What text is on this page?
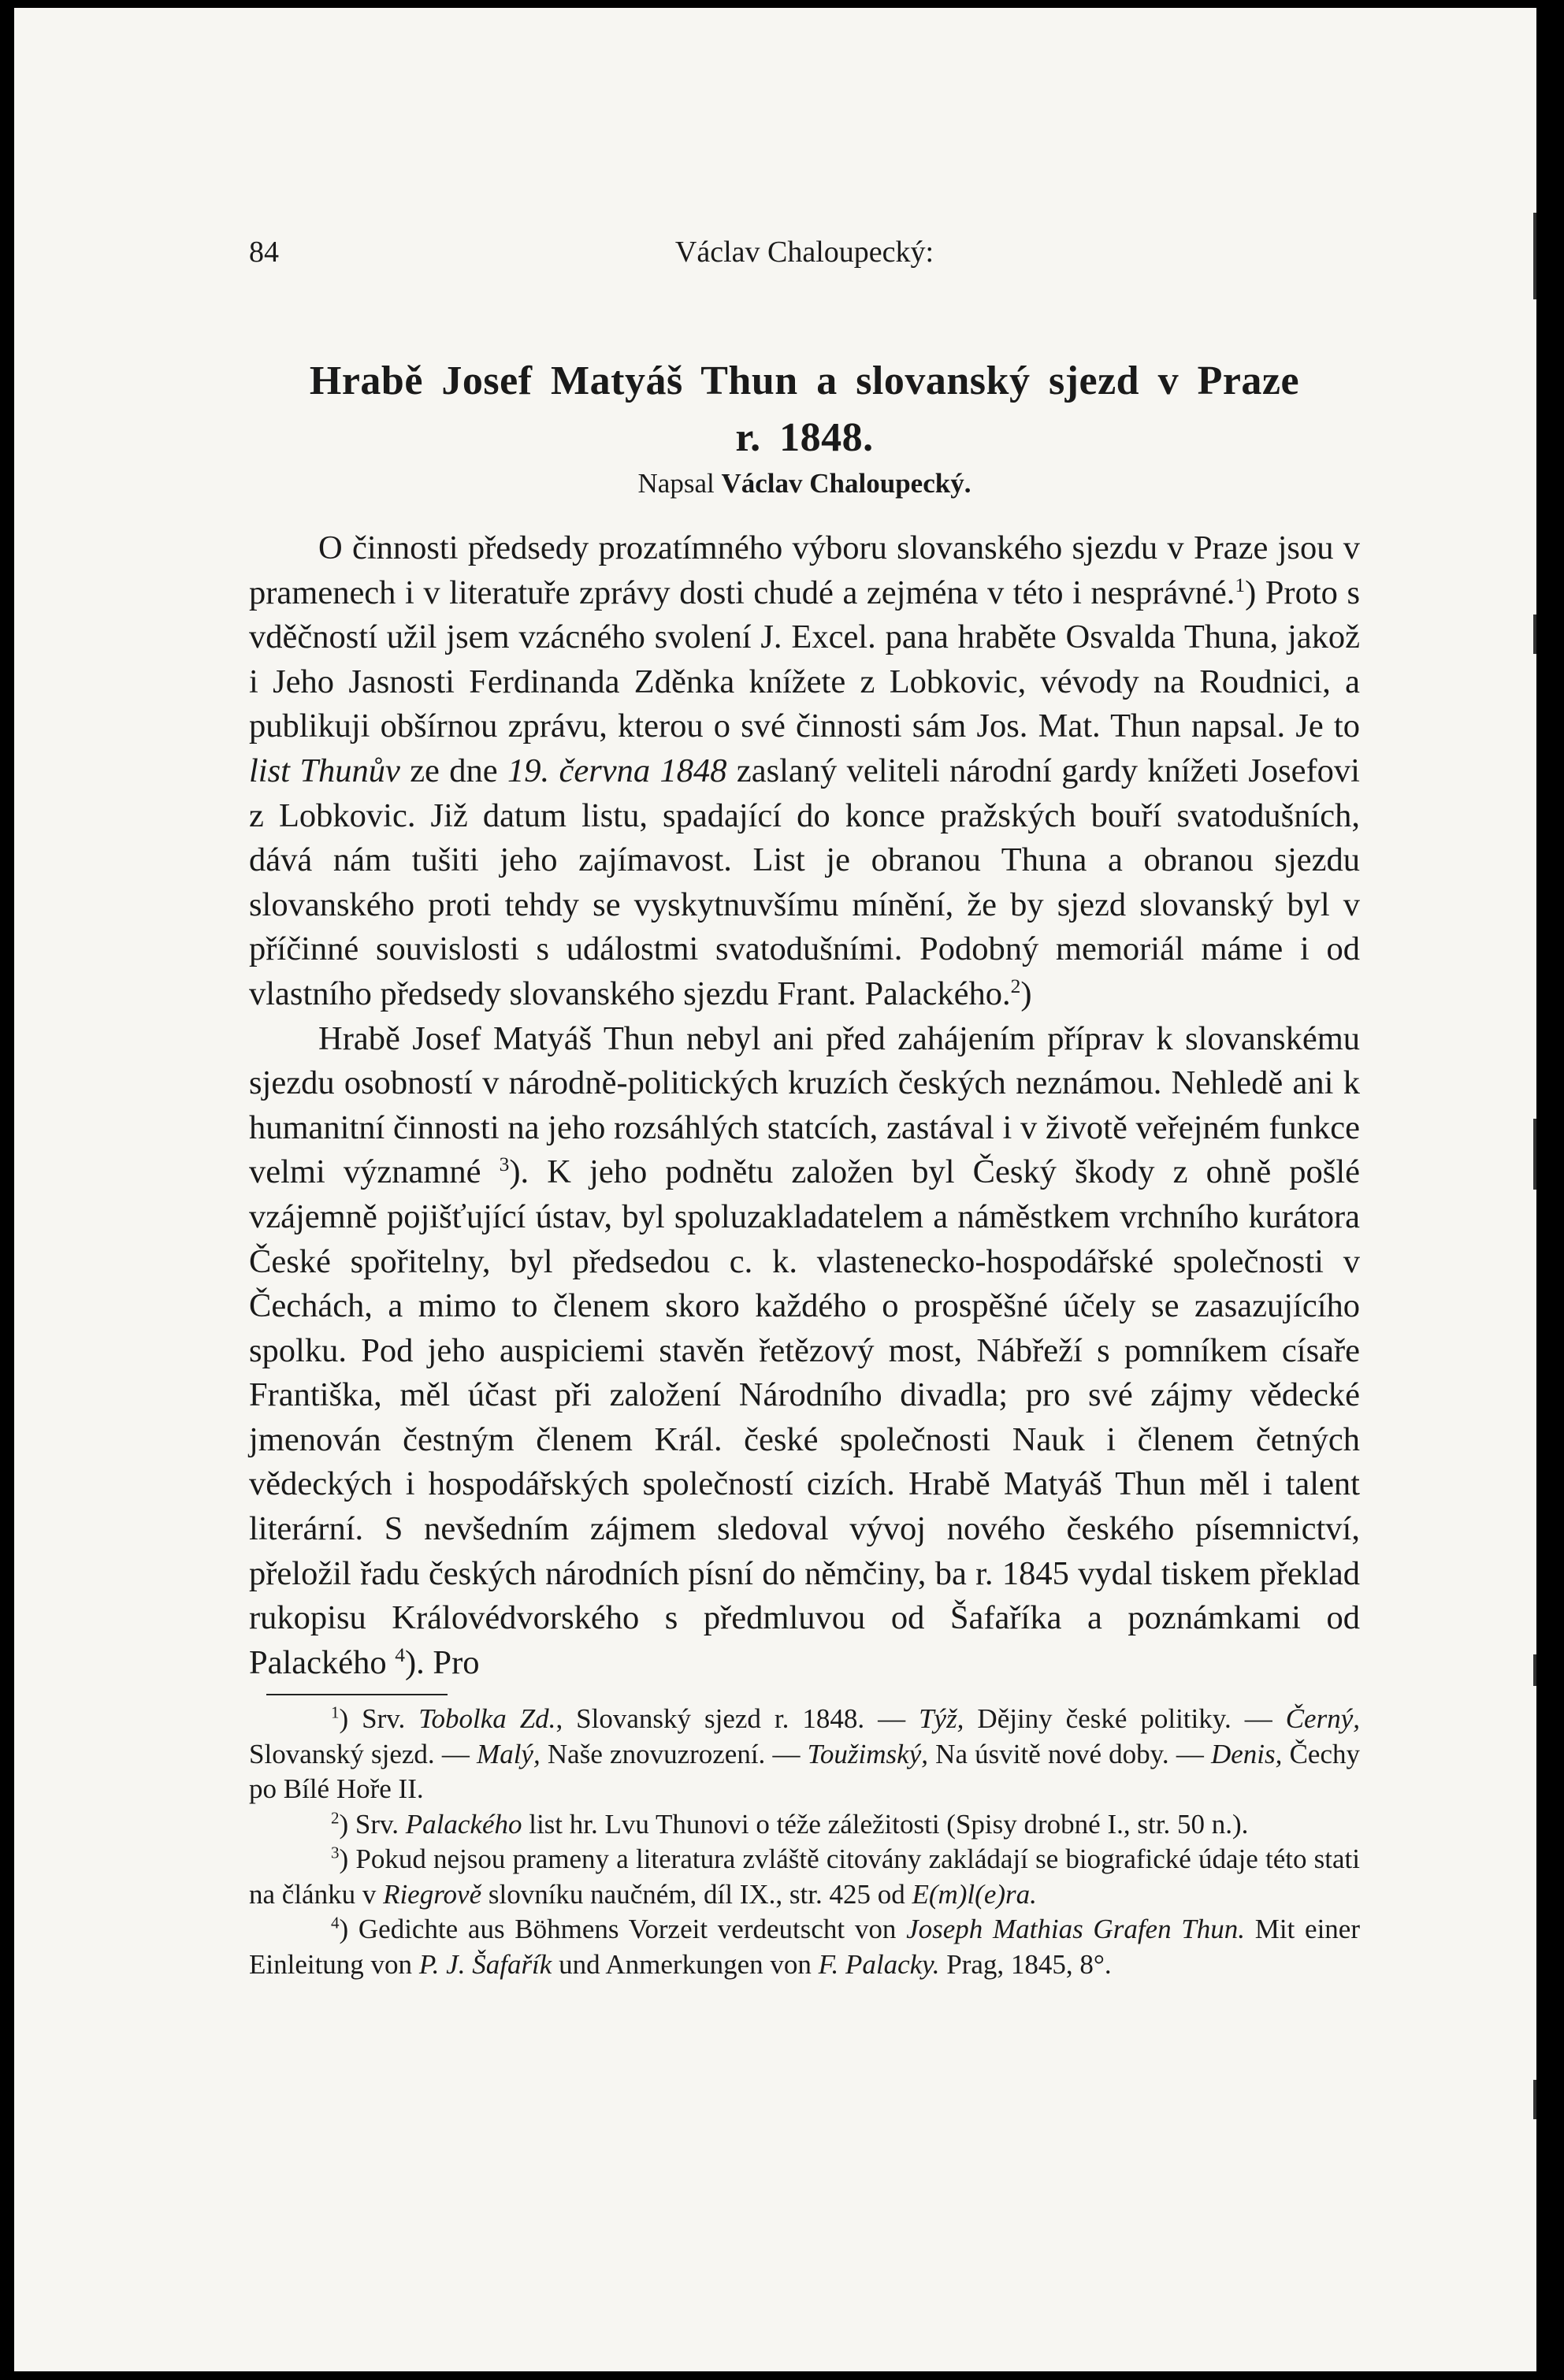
84	Václav Chaloupecký:
Hrabě Josef Matyáš Thun a slovanský sjezd v Praze
r. 1848.
Napsal Václav Chaloupecký.

O činnosti předsedy prozatímného výboru slovanského sjezdu v Praze jsou v pramenech i v literatuře zprávy dosti chudé a zejména v této i nesprávné.$^1$) Proto s vděčností užil jsem vzácného svolení J. Excel. pana hraběte Osvalda Thuna, jakož i Jeho Jasnosti Ferdinanda Zděnka knížete z Lobkovic, vévody na Roudnici, a publikuji obšírnou zprávu, kterou o své činnosti sám Jos. Mat. Thun napsal. Je to list Thunův ze dne 19. června 1848 zaslaný veliteli národní gardy knížeti Josefovi z Lobkovic. Již datum listu, spadající do konce pražských bouří svatodušních, dává nám tušiti jeho zajímavost. List je obranou Thuna a obranou sjezdu slovanského proti tehdy se vyskytnuvšímu mínění, že by sjezd slovanský byl v příčinné souvislosti s událostmi svatodušními. Podobný memoriál máme i od vlastního předsedy slovanského sjezdu Frant. Palackého.$^2$)

Hrabě Josef Matyáš Thun nebyl ani před zahájením příprav k slovanskému sjezdu osobností v národně-politických kruzích českých neznámou. Nehledě ani k humanitní činnosti na jeho rozsáhlých statcích, zastával i v životě veřejném funkce velmi významné $^3$). K jeho podnětu založen byl Český škody z ohně pošlé vzájemně pojišťující ústav, byl spoluzakladatelem a náměstkem vrchního kurátora České spořitelny, byl předsedou c. k. vlastenecko-hospodářské společnosti v Čechách, a mimo to členem skoro každého o prospěšné účely se zasazujícího spolku. Pod jeho auspiciemi stavěn řetězový most, Nábřeží s pomníkem císaře Františka, měl účast při založení Národního divadla; pro své zájmy vědecké jmenován čestným členem Král. české společnosti Nauk i členem četných vědeckých i hospodářských společností cizích. Hrabě Matyáš Thun měl i talent literární. S nevšedním zájmem sledoval vývoj nového českého písemnictví, přeložil řadu českých národních písní do němčiny, ba r. 1845 vydal tiskem překlad rukopisu Královédvorského s předmluvou od Šafaříka a poznámkami od Palackého $^4$). Pro

$^1$) Srv. Tobolka Zd., Slovanský sjezd r. 1848. — Týž, Dějiny české politiky. — Černý, Slovanský sjezd. — Malý, Naše znovuzrození. — Toužimský, Na úsvitě nové doby. — Denis, Čechy po Bílé Hoře II.

$^2$) Srv. Palackého list hr. Lvu Thunovi o téže záležitosti (Spisy drobné I., str. 50 n.).

$^3$) Pokud nejsou prameny a literatura zvláště citovány zakládají se biografické údaje této stati na článku v Riegrově slovníku naučném, díl IX., str. 425 od E(m)l(e)ra.

$^4$) Gedichte aus Böhmens Vorzeit verdeutscht von Joseph Mathias Grafen Thun. Mit einer Einleitung von P. J. Šafařík und Anmerkungen von F. Palacky. Prag, 1845, 8°.
